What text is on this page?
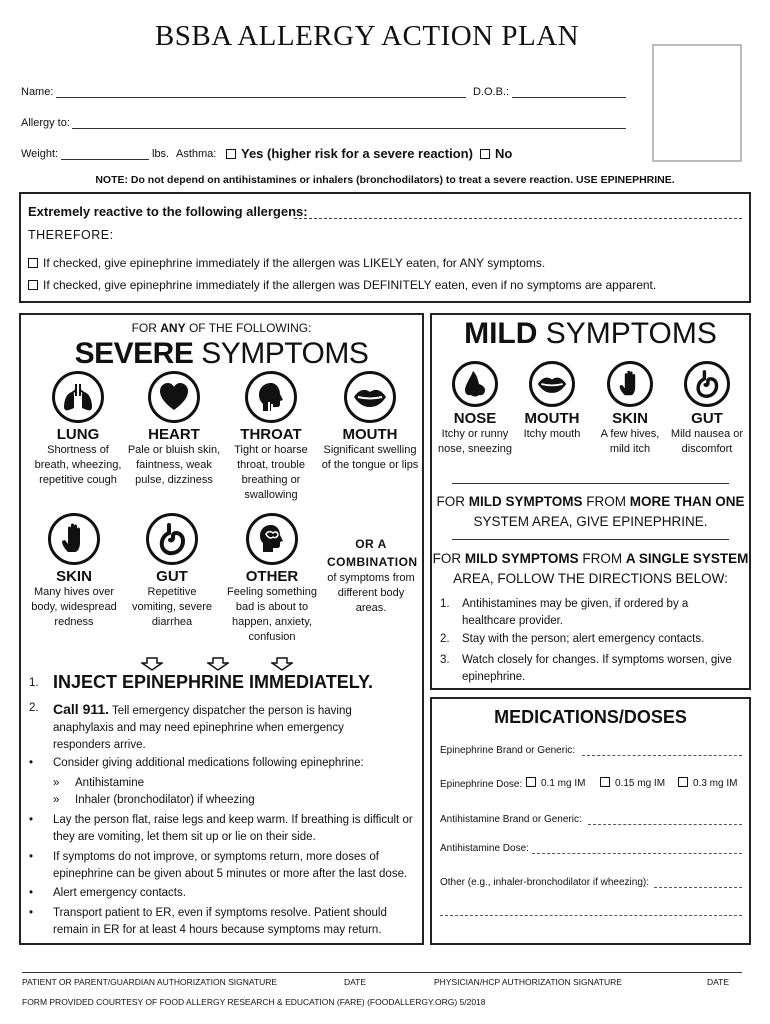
BSBA ALLERGY ACTION PLAN
Name:	D.O.B.:
Allergy to:
Weight:	lbs. Asthma:	Yes (higher risk for a severe reaction)	No
NOTE: Do not depend on antihistamines or inhalers (bronchodilators) to treat a severe reaction. USE EPINEPHRINE.
Extremely reactive to the following allergens:
THEREFORE:
If checked, give epinephrine immediately if the allergen was LIKELY eaten, for ANY symptoms.
If checked, give epinephrine immediately if the allergen was DEFINITELY eaten, even if no symptoms are apparent.
FOR ANY OF THE FOLLOWING:
SEVERE SYMPTOMS
LUNG
Shortness of breath, wheezing, repetitive cough
HEART
Pale or bluish skin, faintness, weak pulse, dizziness
THROAT
Tight or hoarse throat, trouble breathing or swallowing
MOUTH
Significant swelling of the tongue or lips
SKIN
Many hives over body, widespread redness
GUT
Repetitive vomiting, severe diarrhea
OTHER
Feeling something bad is about to happen, anxiety, confusion
OR A COMBINATION
of symptoms from different body areas.
1. INJECT EPINEPHRINE IMMEDIATELY.
2. Call 911. Tell emergency dispatcher the person is having anaphylaxis and may need epinephrine when emergency responders arrive.
• Consider giving additional medications following epinephrine:
» Antihistamine
» Inhaler (bronchodilator) if wheezing
• Lay the person flat, raise legs and keep warm. If breathing is difficult or they are vomiting, let them sit up or lie on their side.
• If symptoms do not improve, or symptoms return, more doses of epinephrine can be given about 5 minutes or more after the last dose.
• Alert emergency contacts.
• Transport patient to ER, even if symptoms resolve. Patient should remain in ER for at least 4 hours because symptoms may return.
MILD SYMPTOMS
NOSE
Itchy or runny nose, sneezing
MOUTH
Itchy mouth
SKIN
A few hives, mild itch
GUT
Mild nausea or discomfort
FOR MILD SYMPTOMS FROM MORE THAN ONE
SYSTEM AREA, GIVE EPINEPHRINE.
FOR MILD SYMPTOMS FROM A SINGLE SYSTEM
AREA, FOLLOW THE DIRECTIONS BELOW:
1. Antihistamines may be given, if ordered by a healthcare provider.
2. Stay with the person; alert emergency contacts.
3. Watch closely for changes. If symptoms worsen, give epinephrine.
MEDICATIONS/DOSES
Epinephrine Brand or Generic:
Epinephrine Dose:	0.1 mg IM	0.15 mg IM	0.3 mg IM
Antihistamine Brand or Generic:
Antihistamine Dose:
Other (e.g., inhaler-bronchodilator if wheezing):
PATIENT OR PARENT/GUARDIAN AUTHORIZATION SIGNATURE	DATE	PHYSICIAN/HCP AUTHORIZATION SIGNATURE	DATE
FORM PROVIDED COURTESY OF FOOD ALLERGY RESEARCH & EDUCATION (FARE) (FOODALLERGY.ORG) 5/2018
